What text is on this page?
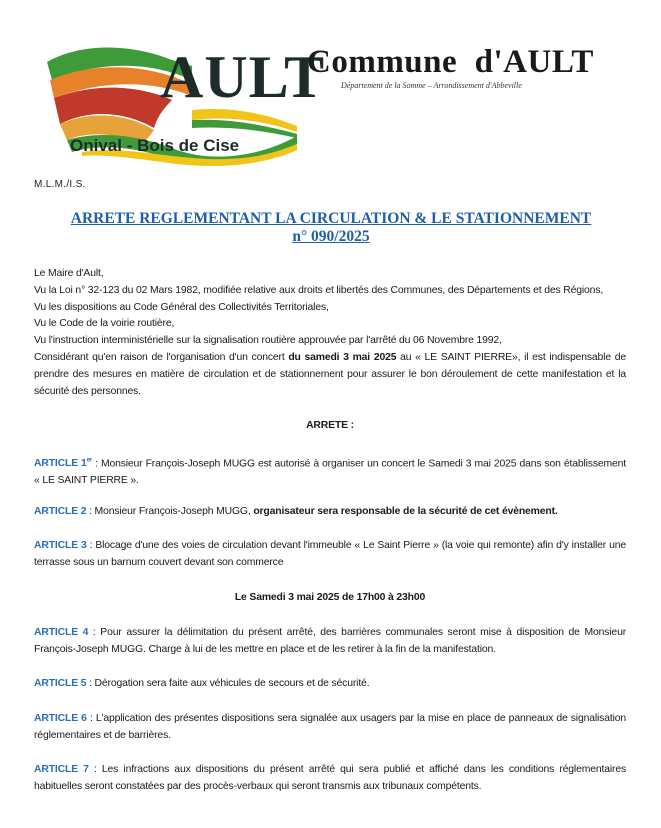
AULT
Onival - Bois de Cise
Commune  d'AULT
Département de la Somme – Arrondissement d'Abbeville
M.L.M./I.S.
ARRETE REGLEMENTANT LA CIRCULATION & LE STATIONNEMENT
n° 090/2025

Le Maire d'Ault,

Vu la Loi n° 32-123 du 02 Mars 1982, modifiée relative aux droits et libertés des Communes, des Départements et des Régions,

Vu les dispositions au Code Général des Collectivités Territoriales,

Vu le Code de la voirie routière,

Vu l'instruction interministérielle sur la signalisation routière approuvée par l'arrêté du 06 Novembre 1992,

Considérant qu'en raison de l'organisation d'un concert du samedi 3 mai 2025 au « LE SAINT PIERRE», il est indispensable de prendre des mesures en matière de circulation et de stationnement pour assurer le bon déroulement de cette manifestation et la sécurité des personnes.

ARRETE :

ARTICLE 1er : Monsieur François-Joseph MUGG est autorisé à organiser un concert le Samedi 3 mai 2025 dans son établissement « LE SAINT PIERRE ».

ARTICLE 2 : Monsieur François-Joseph MUGG, organisateur sera responsable de la sécurité de cet évènement.

ARTICLE 3 : Blocage d'une des voies de circulation devant l'immeuble « Le Saint Pierre » (la voie qui remonte) afin d'y installer une terrasse sous un barnum couvert devant son commerce

Le Samedi 3 mai 2025 de 17h00 à 23h00

ARTICLE 4 : Pour assurer la délimitation du présent arrêté, des barrières communales seront mise à disposition de Monsieur François-Joseph MUGG. Charge à lui de les mettre en place et de les retirer à la fin de la manifestation.

ARTICLE 5 : Dérogation sera faite aux véhicules de secours et de sécurité.

ARTICLE 6 : L'application des présentes dispositions sera signalée aux usagers par la mise en place de panneaux de signalisation réglementaires et de barrières.

ARTICLE 7 : Les infractions aux dispositions du présent arrêté qui sera publié et affiché dans les conditions réglementaires habituelles seront constatées par des procès-verbaux qui seront transmis aux tribunaux compétents.
